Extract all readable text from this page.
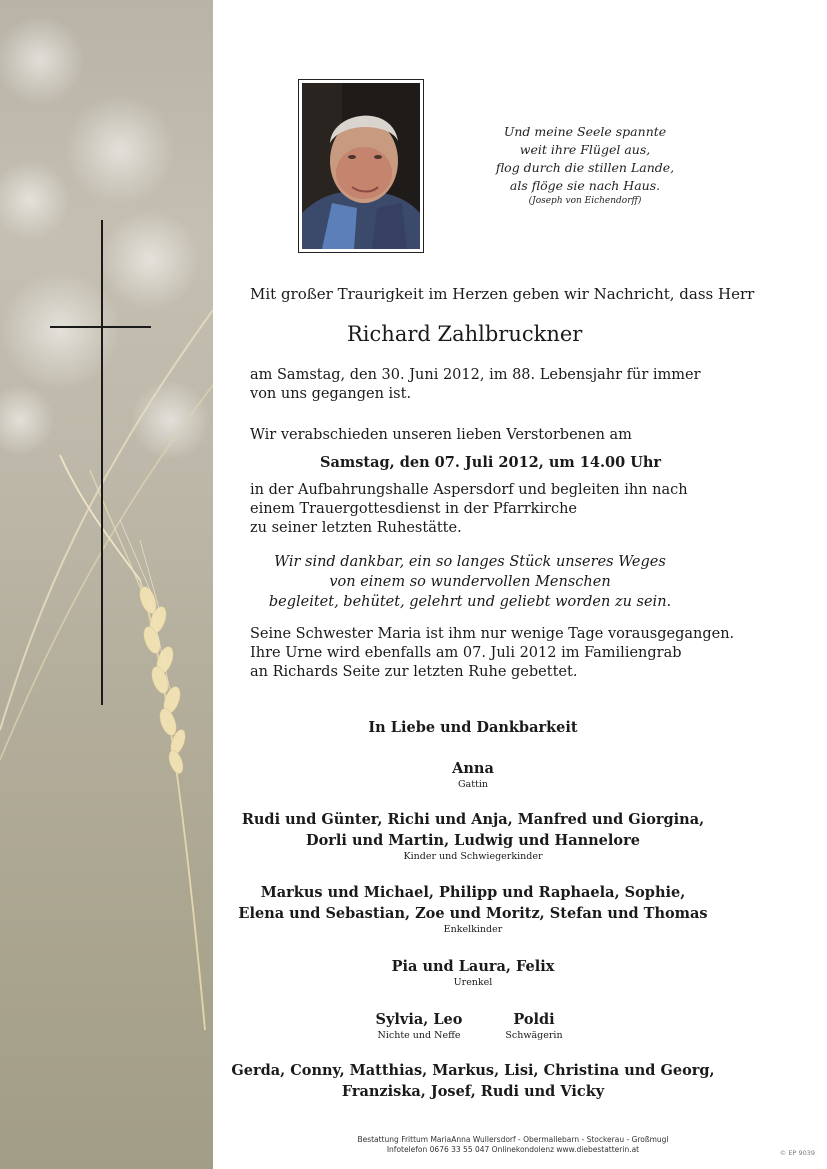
Und meine Seele spannte
weit ihre Flügel aus,
flog durch die stillen Lande,
als flöge sie nach Haus.
(Joseph von Eichendorff)
Mit großer Traurigkeit im Herzen geben wir Nachricht, dass Herr
Richard Zahlbruckner
am Samstag, den 30. Juni 2012, im 88. Lebensjahr für immer
von uns gegangen ist.
Wir verabschieden unseren lieben Verstorbenen am
Samstag, den 07. Juli 2012, um 14.00 Uhr
in der Aufbahrungshalle Aspersdorf und begleiten ihn nach
einem Trauergottesdienst in der Pfarrkirche
zu seiner letzten Ruhestätte.
Wir sind dankbar, ein so langes Stück unseres Weges
von einem so wundervollen Menschen
begleitet, behütet, gelehrt und geliebt worden zu sein.
Seine Schwester Maria ist ihm nur wenige Tage vorausgegangen.
Ihre Urne wird ebenfalls am 07. Juli 2012 im Familiengrab
an Richards Seite zur letzten Ruhe gebettet.
In Liebe und Dankbarkeit
Anna
Gattin
Rudi und Günter, Richi und Anja, Manfred und Giorgina,
Dorli und Martin, Ludwig und Hannelore
Kinder und Schwiegerkinder
Markus und Michael, Philipp und Raphaela, Sophie,
Elena und Sebastian, Zoe und Moritz, Stefan und Thomas
Enkelkinder
Pia und Laura, Felix
Urenkel
Sylvia, Leo
Nichte und Neffe
Poldi
Schwägerin
Gerda, Conny, Matthias, Markus, Lisi, Christina und Georg,
Franziska, Josef, Rudi und Vicky
Bestattung Frittum MariaAnna Wullersdorf - Obermallebarn - Stockerau - Großmugl
Infotelefon 0676 33 55 047 Onlinekondolenz www.diebestatterin.at	© EP 9039
